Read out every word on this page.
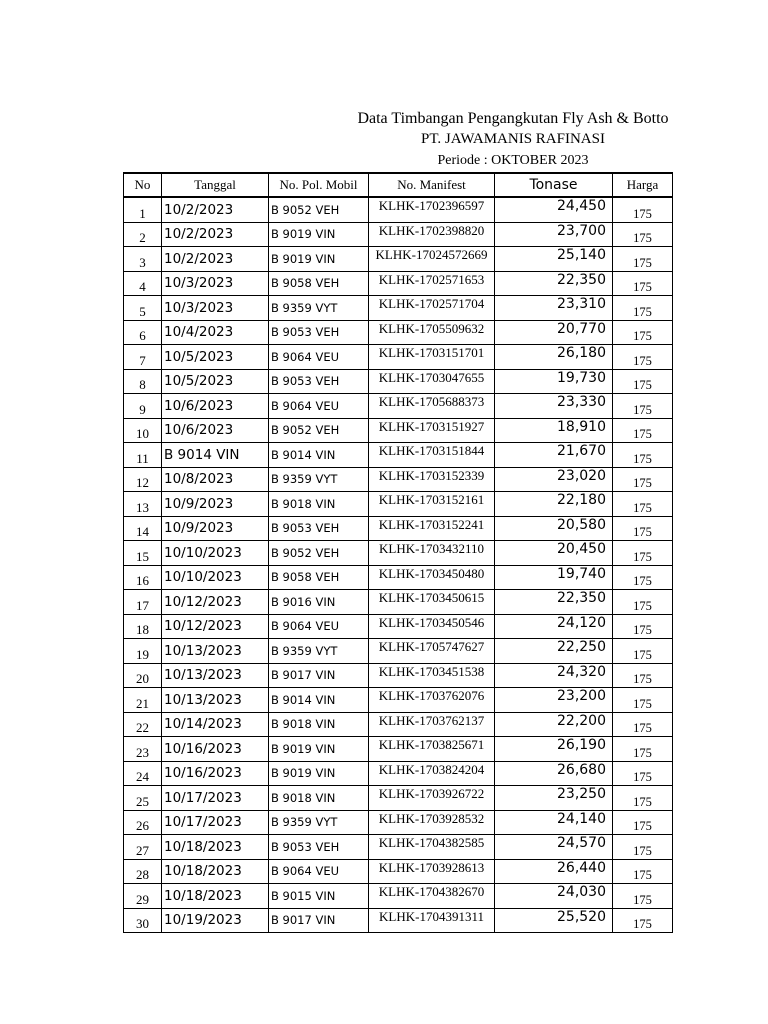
Data Timbangan Pengangkutan Fly Ash & Botto
PT. JAWAMANIS RAFINASI
Periode : OKTOBER 2023
No	Tanggal	No. Pol. Mobil	No. Manifest	Tonase	Harga
1	10/2/2023	B 9052 VEH	KLHK-1702396597	24,450	175
2	10/2/2023	B 9019 VIN	KLHK-1702398820	23,700	175
3	10/2/2023	B 9019 VIN	KLHK-17024572669	25,140	175
4	10/3/2023	B 9058 VEH	KLHK-1702571653	22,350	175
5	10/3/2023	B 9359 VYT	KLHK-1702571704	23,310	175
6	10/4/2023	B 9053 VEH	KLHK-1705509632	20,770	175
7	10/5/2023	B 9064 VEU	KLHK-1703151701	26,180	175
8	10/5/2023	B 9053 VEH	KLHK-1703047655	19,730	175
9	10/6/2023	B 9064 VEU	KLHK-1705688373	23,330	175
10	10/6/2023	B 9052 VEH	KLHK-1703151927	18,910	175
11	B 9014 VIN	B 9014 VIN	KLHK-1703151844	21,670	175
12	10/8/2023	B 9359 VYT	KLHK-1703152339	23,020	175
13	10/9/2023	B 9018 VIN	KLHK-1703152161	22,180	175
14	10/9/2023	B 9053 VEH	KLHK-1703152241	20,580	175
15	10/10/2023	B 9052 VEH	KLHK-1703432110	20,450	175
16	10/10/2023	B 9058 VEH	KLHK-1703450480	19,740	175
17	10/12/2023	B 9016 VIN	KLHK-1703450615	22,350	175
18	10/12/2023	B 9064 VEU	KLHK-1703450546	24,120	175
19	10/13/2023	B 9359 VYT	KLHK-1705747627	22,250	175
20	10/13/2023	B 9017 VIN	KLHK-1703451538	24,320	175
21	10/13/2023	B 9014 VIN	KLHK-1703762076	23,200	175
22	10/14/2023	B 9018 VIN	KLHK-1703762137	22,200	175
23	10/16/2023	B 9019 VIN	KLHK-1703825671	26,190	175
24	10/16/2023	B 9019 VIN	KLHK-1703824204	26,680	175
25	10/17/2023	B 9018 VIN	KLHK-1703926722	23,250	175
26	10/17/2023	B 9359 VYT	KLHK-1703928532	24,140	175
27	10/18/2023	B 9053 VEH	KLHK-1704382585	24,570	175
28	10/18/2023	B 9064 VEU	KLHK-1703928613	26,440	175
29	10/18/2023	B 9015 VIN	KLHK-1704382670	24,030	175
30	10/19/2023	B 9017 VIN	KLHK-1704391311	25,520	175
